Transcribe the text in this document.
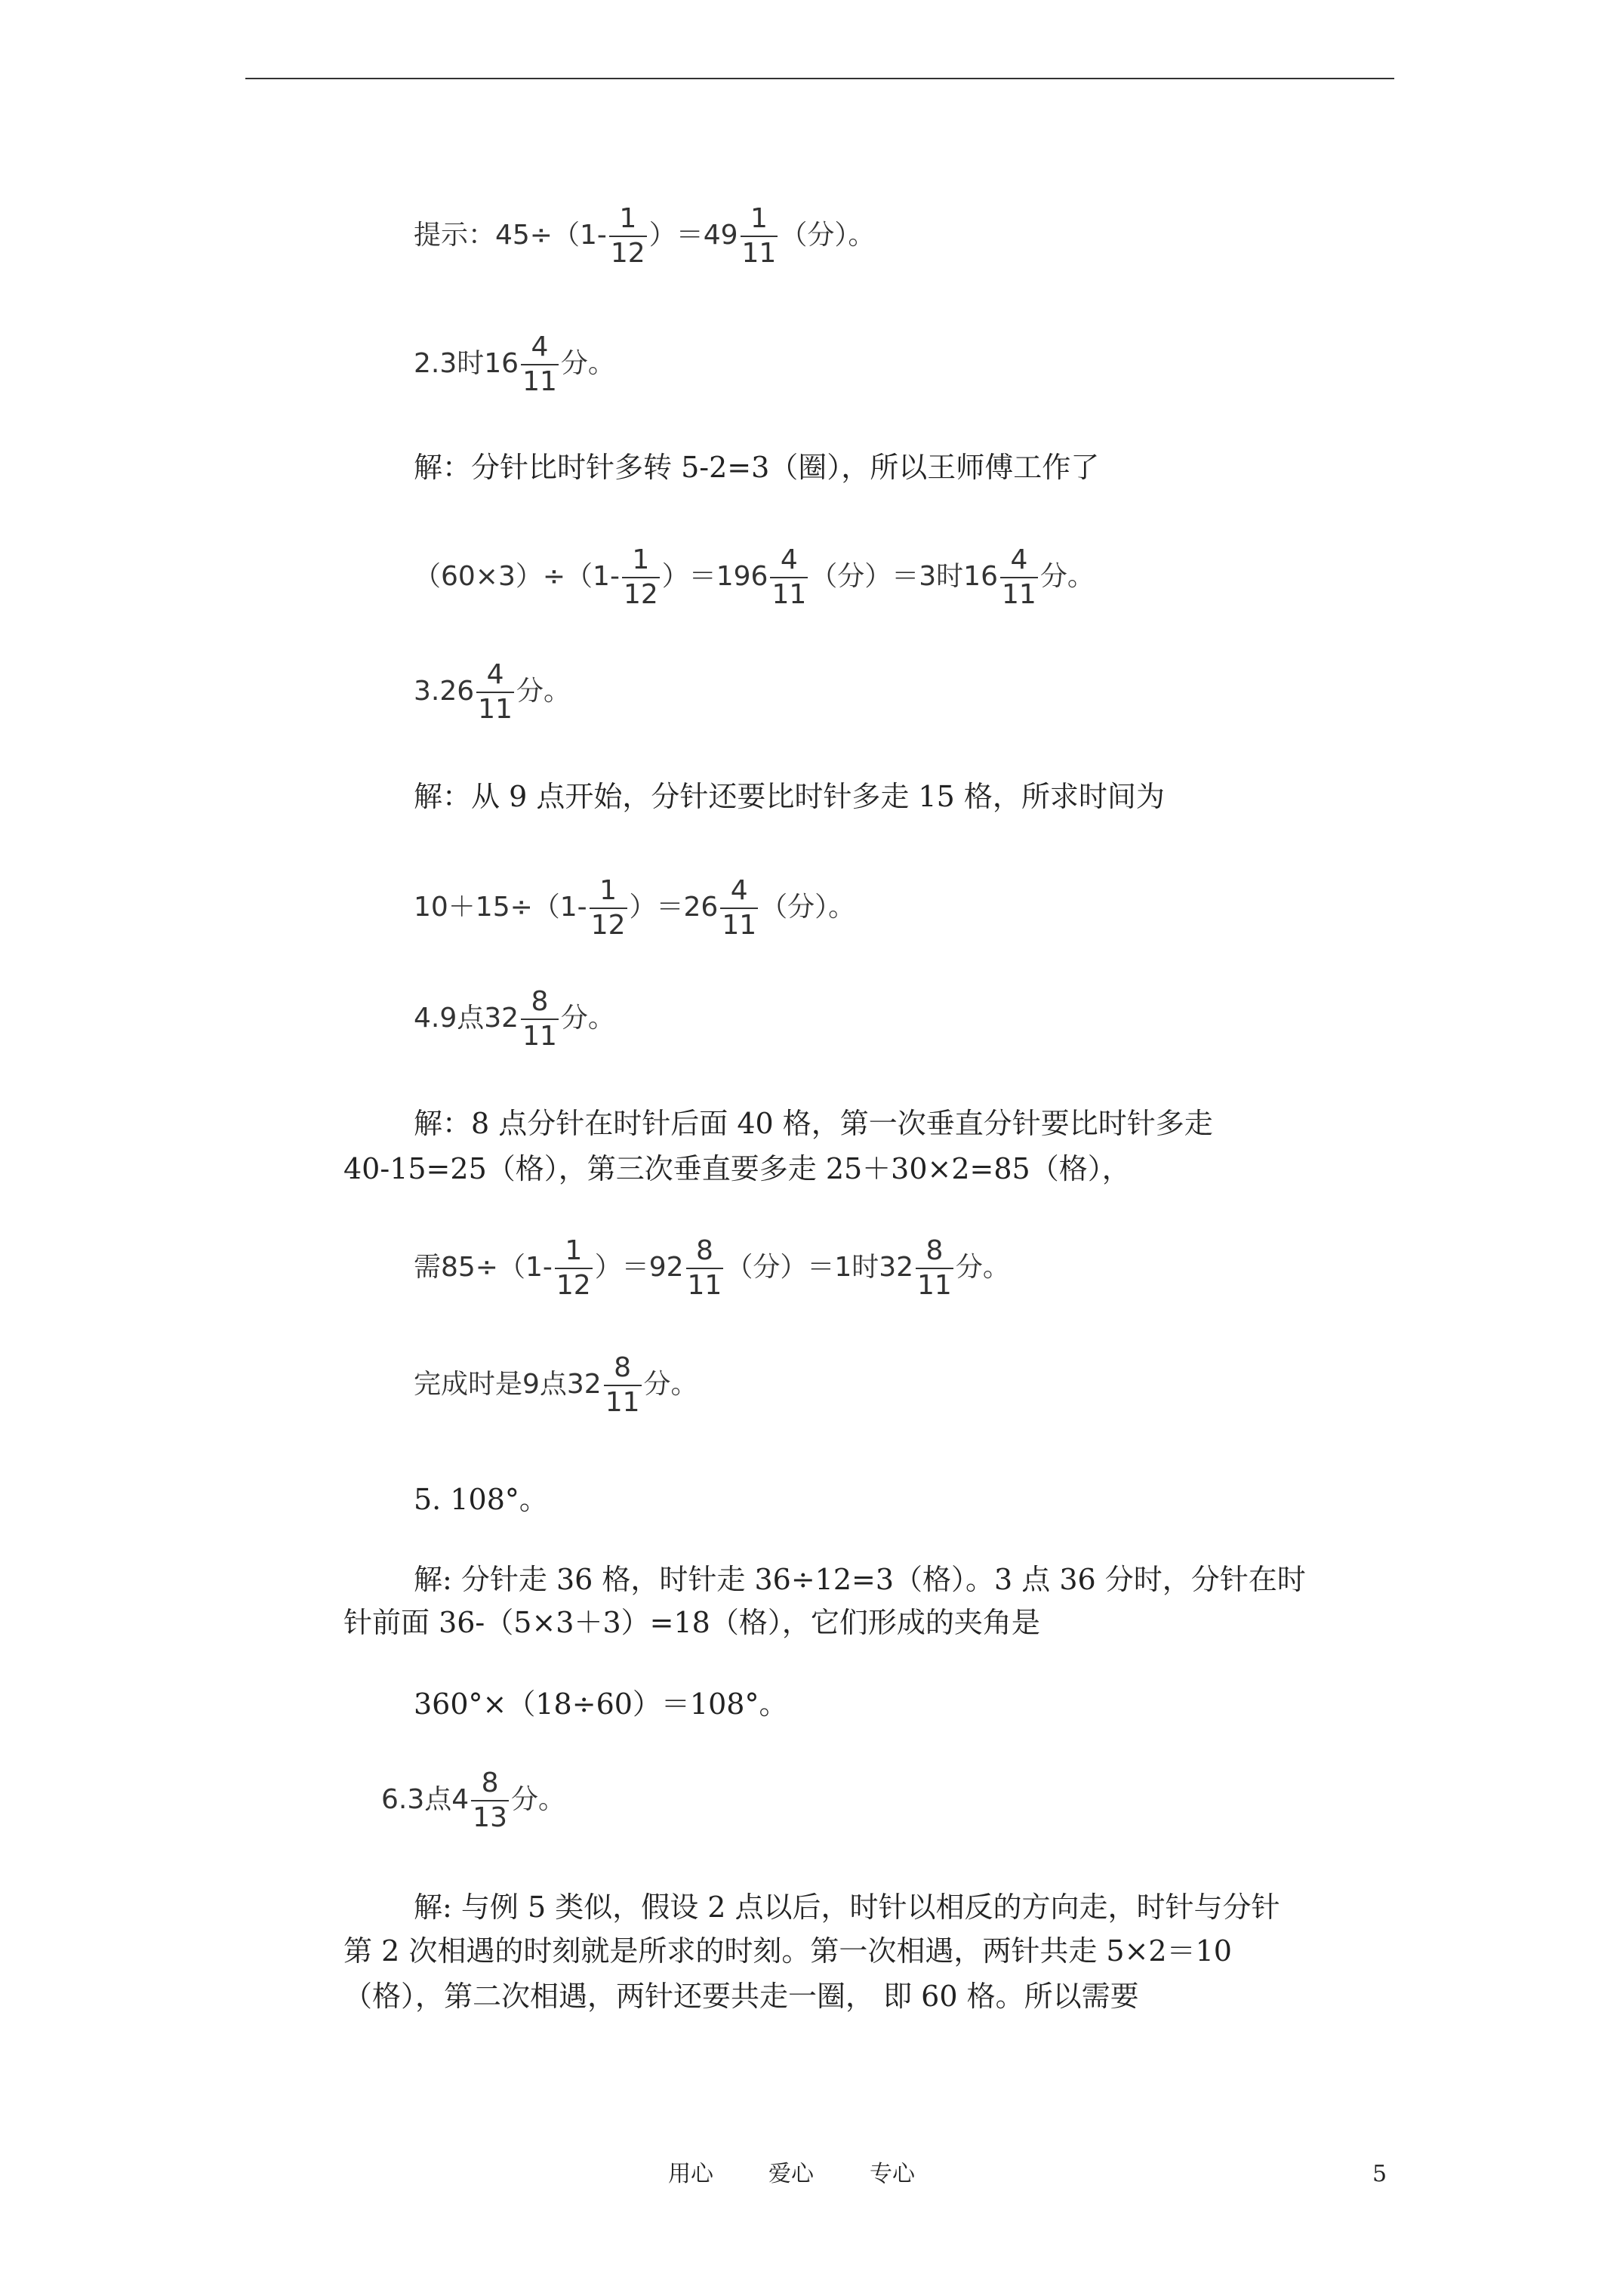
提示：$45\div(1- \frac{1}{12} )=49 \frac{1}{11}$ （分）。
2.3时$16 \frac{4}{11}$ 分。
解：分针比时针多转 5-2=3（圈），所以王师傅工作了
$(60\times 3)\div(1- \frac{1}{12} )=196 \frac{4}{11}$ （分）＝3时$16 \frac{4}{11}$ 分。
$3.26 \frac{4}{11}$ 分。
解：从 9 点开始，分针还要比时针多走 15 格，所求时间为
$10+15\div(1- \frac{1}{12} )=26 \frac{4}{11}$ （分）。
4.9点$32 \frac{8}{11}$ 分。
解：8 点分针在时针后面 40 格，第一次垂直分针要比时针多走
40-15=25（格），第三次垂直要多走 25＋30×2=85（格），
需$85\div(1- \frac{1}{12} )=92 \frac{8}{11}$ （分）＝1时$32 \frac{8}{11}$ 分。
完成时是9点$32 \frac{8}{11}$ 分。
5. 108°。
解: 分针走 36 格，时针走 36÷12=3（格）。3 点 36 分时，分针在时
针前面 36-（5×3＋3）=18（格），它们形成的夹角是
360°×（18÷60）＝108°。
6.3点$4 \frac{8}{13}$ 分。
解: 与例 5 类似，假设 2 点以后，时针以相反的方向走，时针与分针
第 2 次相遇的时刻就是所求的时刻。第一次相遇，两针共走 5×2＝10
（格），第二次相遇，两针还要共走一圈， 即 60 格。所以需要
用心 爱心 专心	5
